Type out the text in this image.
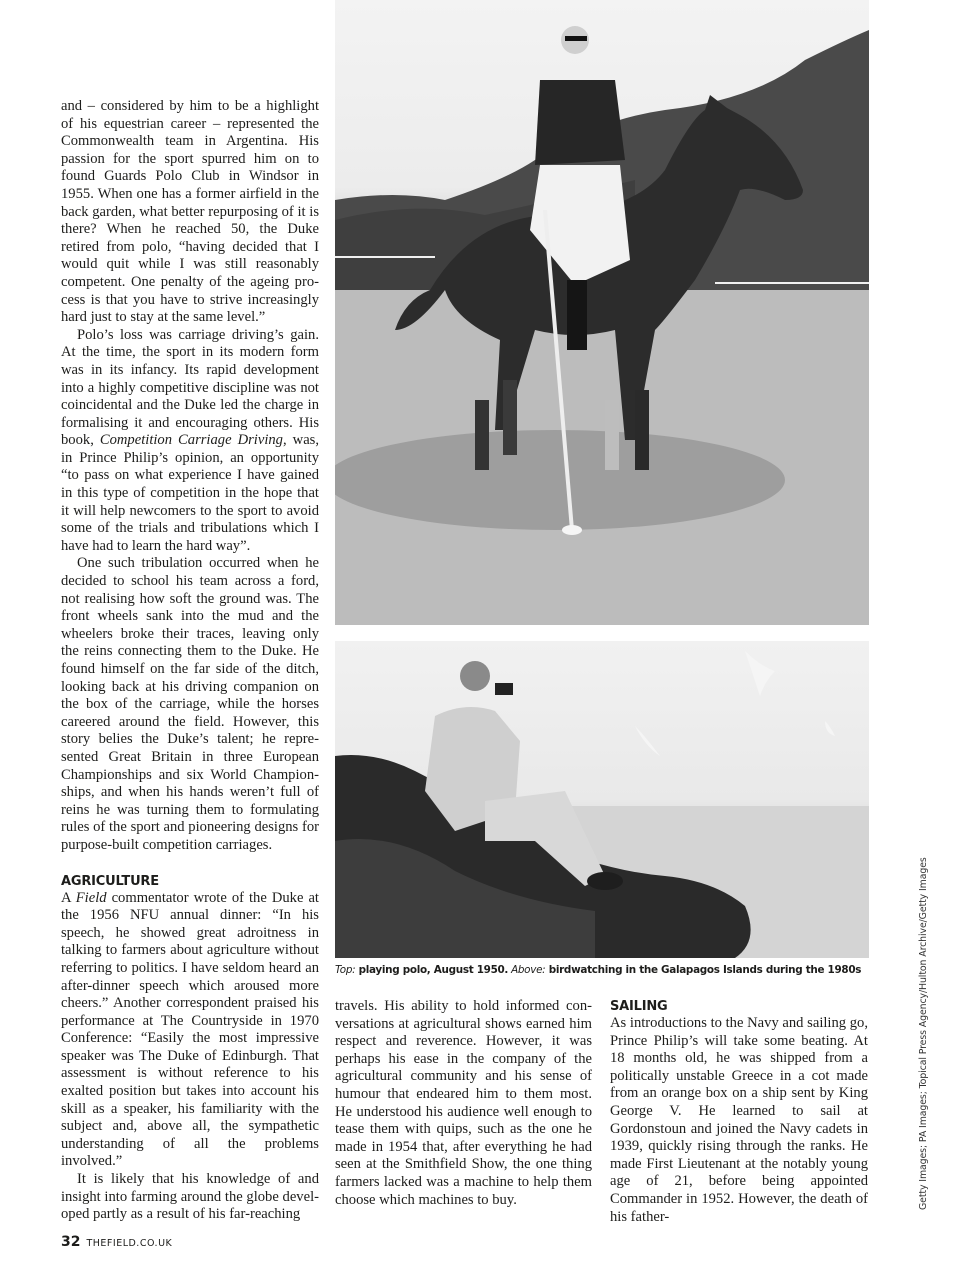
and – considered by him to be a highlight of his equestrian career – represented the Commonwealth team in Argentina. His passion for the sport spurred him on to found Guards Polo Club in Windsor in 1955. When one has a former airfield in the back garden, what better repurposing of it is there? When he reached 50, the Duke retired from polo, “having decided that I would quit while I was still reasonably competent. One penalty of the ageing process is that you have to strive increasingly hard just to stay at the same level.”

Polo’s loss was carriage driving’s gain. At the time, the sport in its modern form was in its infancy. Its rapid development into a highly competitive discipline was not coincidental and the Duke led the charge in formalising it and encouraging others. His book, Competition Carriage Driving, was, in Prince Philip’s opinion, an opportunity “to pass on what experience I have gained in this type of competition in the hope that it will help newcomers to the sport to avoid some of the trials and tribulations which I have had to learn the hard way”.

One such tribulation occurred when he decided to school his team across a ford, not realising how soft the ground was. The front wheels sank into the mud and the wheelers broke their traces, leaving only the reins connecting them to the Duke. He found himself on the far side of the ditch, looking back at his driving companion on the box of the carriage, while the horses careered around the field. However, this story belies the Duke’s talent; he represented Great Britain in three European Championships and six World Championships, and when his hands weren’t full of reins he was turning them to formulating rules of the sport and pioneering designs for purpose-built competition carriages.

AGRICULTURE

A Field commentator wrote of the Duke at the 1956 NFU annual dinner: “In his speech, he showed great adroitness in talking to farmers about agriculture without referring to politics. I have seldom heard an after-dinner speech which aroused more cheers.” Another correspondent praised his performance at The Countryside in 1970 Conference: “Easily the most impressive speaker was The Duke of Edinburgh. That assessment is without reference to his exalted position but takes into account his skill as a speaker, his familiarity with the subject and, above all, the sympathetic understanding of all the problems involved.”

It is likely that his knowledge of and insight into farming around the globe developed partly as a result of his far-reaching

Top: playing polo, August 1950. Above: birdwatching in the Galapagos Islands during the 1980s

travels. His ability to hold informed conversations at agricultural shows earned him respect and reverence. However, it was perhaps his ease in the company of the agricultural community and his sense of humour that endeared him to them most. He understood his audience well enough to tease them with quips, such as the one he made in 1954 that, after everything he had seen at the Smithfield Show, the one thing farmers lacked was a machine to help them choose which machines to buy.

SAILING

As introductions to the Navy and sailing go, Prince Philip’s will take some beating. At 18 months old, he was shipped from a politically unstable Greece in a cot made from an orange box on a ship sent by King George V. He learned to sail at Gordonstoun and joined the Navy cadets in 1939, quickly rising through the ranks. He made First Lieutenant at the notably young age of 21, before being appointed Commander in 1952. However, the death of his father-

Getty Images; PA Images; Topical Press Agency/Hulton Archive/Getty Images
32 THEFIELD.CO.UK
